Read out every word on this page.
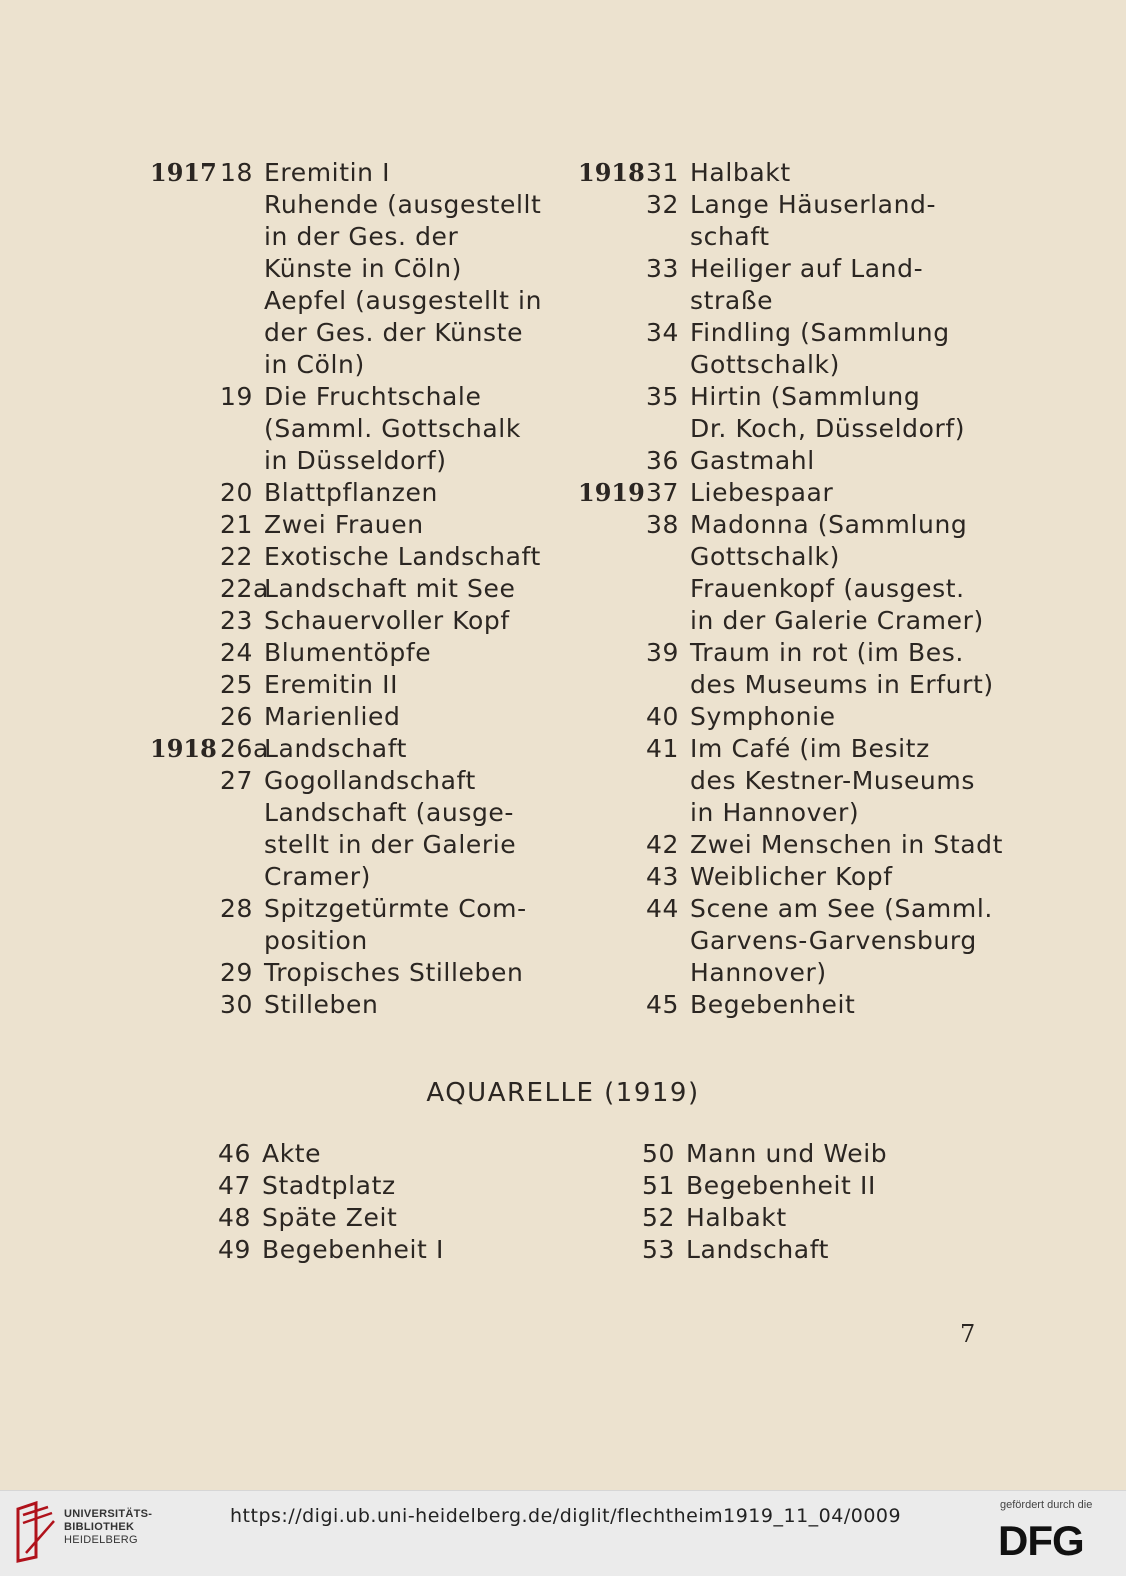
1917 18 Eremitin I
Ruhende (ausgestellt
in der Ges. der
Künste in Cöln)
Aepfel (ausgestellt in
der Ges. der Künste
in Cöln)
19 Die Fruchtschale
(Samml. Gottschalk
in Düsseldorf)
20 Blattpflanzen
21 Zwei Frauen
22 Exotische Landschaft
22a
Landschaft mit See
23 Schauervoller Kopf
24 Blumentöpfe
25 Eremitin II
26 Marienlied
1918 26a
Landschaft
27 Gogollandschaft
Landschaft (ausge-
stellt in der Galerie
Cramer)
28 Spitzgetürmte Com-
position
29 Tropisches Stilleben
30 Stilleben
1918 31 Halbakt
32 Lange Häuserland-
schaft
33 Heiliger auf Land-
straße
34 Findling (Sammlung
Gottschalk)
35 Hirtin (Sammlung
Dr. Koch, Düsseldorf)
36 Gastmahl
1919 37 Liebespaar
38 Madonna (Sammlung
Gottschalk)
Frauenkopf (ausgest.
in der Galerie Cramer)
39 Traum in rot (im Bes.
des Museums in Erfurt)
40 Symphonie
41 Im Café (im Besitz
des Kestner-Museums
in Hannover)
42 Zwei Menschen in Stadt
43 Weiblicher Kopf
44 Scene am See (Samml.
Garvens-Garvensburg
Hannover)
45 Begebenheit
AQUARELLE (1919)
46 Akte
47 Stadtplatz
48 Späte Zeit
49 Begebenheit I
50 Mann und Weib
51 Begebenheit II
52 Halbakt
53 Landschaft
7
UNIVERSITÄTS-
BIBLIOTHEK
HEIDELBERG
https://digi.ub.uni-heidelberg.de/diglit/flechtheim1919_11_04/0009	gefördert durch die
DFG
